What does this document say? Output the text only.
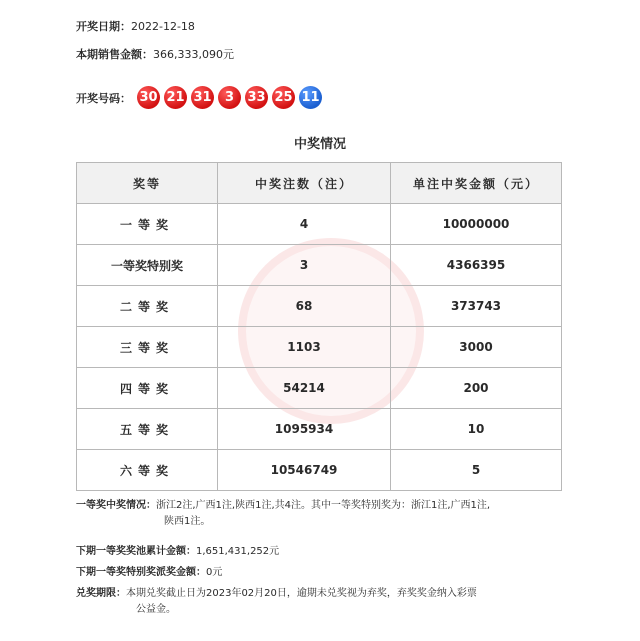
开奖日期：2022-12-18
本期销售金额：366,333,090元
开奖号码： 30 21 31	3	33 25 11
中奖情况
奖等	中奖注数（注）	单注中奖金额（元）
一等奖	4	10000000
一等奖特别奖	3	4366395
二等奖	68	373743
三等奖	1103	3000
四等奖	54214	200
五等奖	1095934	10
六等奖	10546749	5
一等奖中奖情况：浙江2注,广西1注,陕西1注,共4注。其中一等奖特别奖为：浙江1注,广西1注,
陕西1注。
下期一等奖奖池累计金额：1,651,431,252元
下期一等奖特别奖派奖金额：0元
兑奖期限：本期兑奖截止日为2023年02月20日，逾期未兑奖视为弃奖，弃奖奖金纳入彩票
公益金。
